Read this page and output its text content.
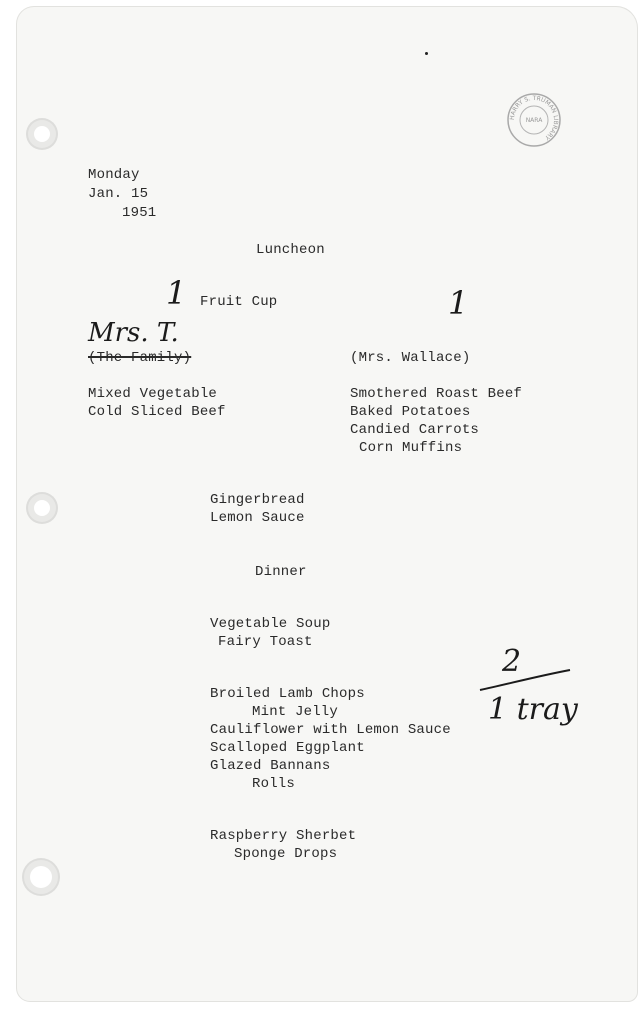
HARRY S. TRUMAN LIBRARY
NARA
Monday
Jan. 15
1951
Luncheon
1 Fruit Cup	1
Mrs. T.
(The Family)	(Mrs. Wallace)
Mixed Vegetable
Cold Sliced Beef
Smothered Roast Beef
Baked Potatoes
Candied Carrots
Corn Muffins
Gingerbread
Lemon Sauce
Dinner
Vegetable Soup
Fairy Toast
Broiled Lamb Chops
Mint Jelly
Cauliflower with Lemon Sauce
Scalloped Eggplant
Glazed Bannans
Rolls
2
1 tray
Raspberry Sherbet
Sponge Drops
